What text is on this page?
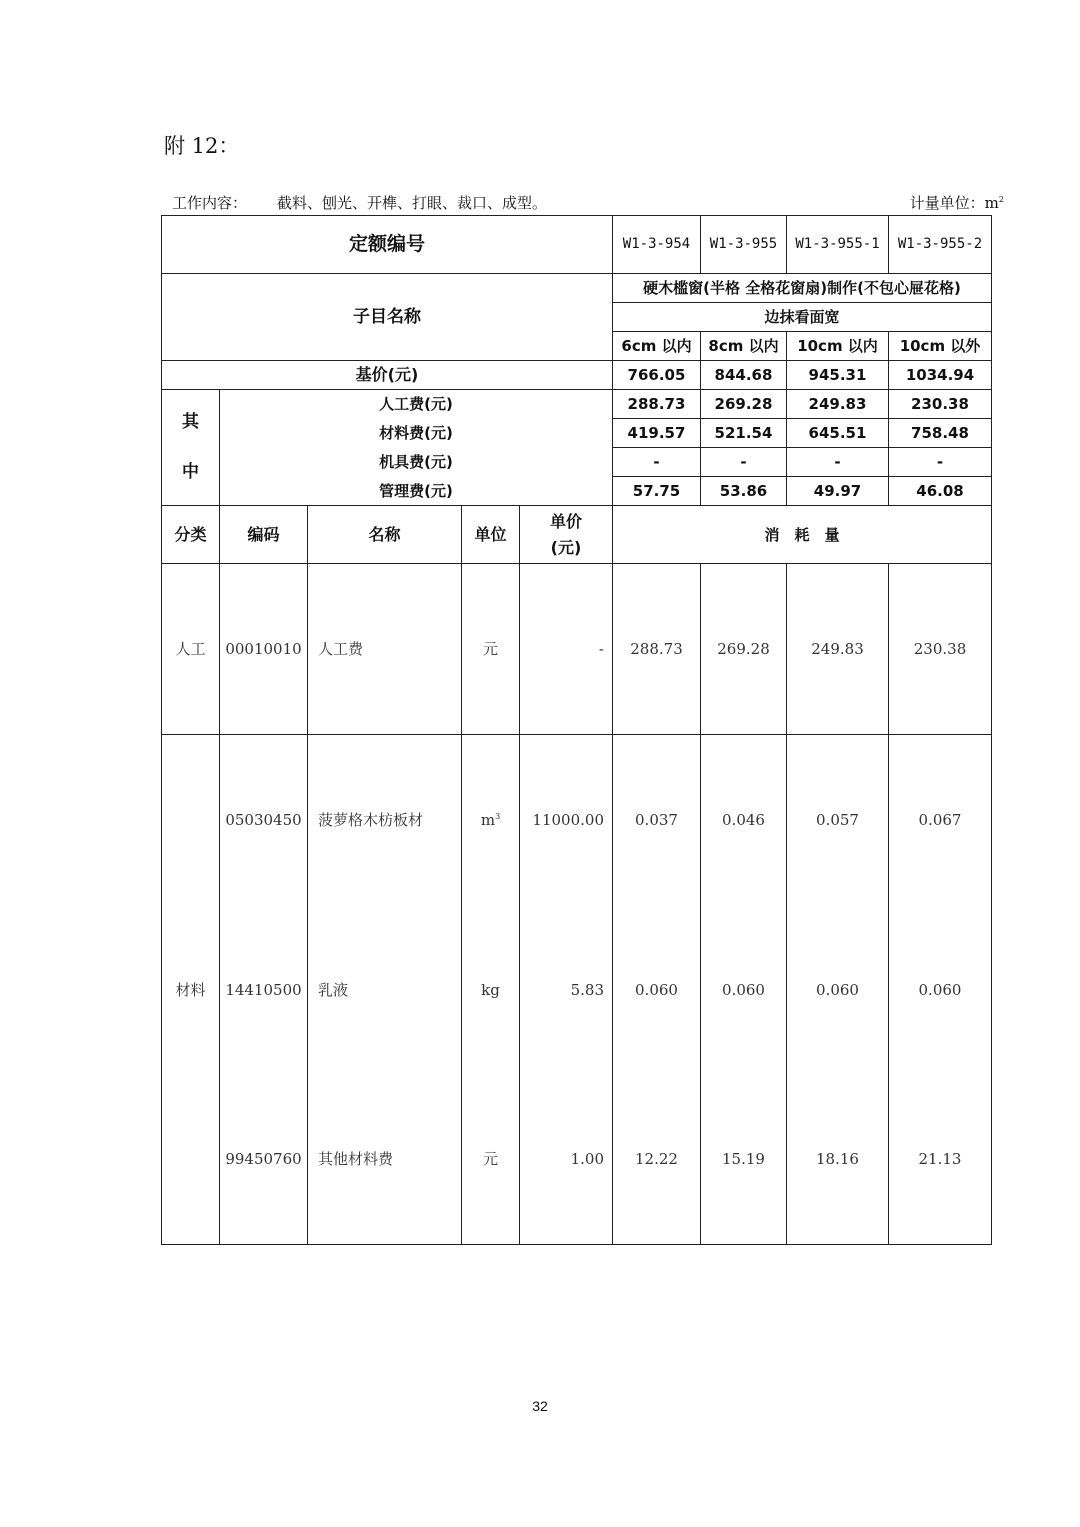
附 12：
工作内容： 截料、刨光、开榫、打眼、裁口、成型。	计量单位：$m^2$
定额编号					W1-3-954	W1-3-955	W1-3-955-1	W1-3-955-2
子目名称					硬木槛窗(半格 全格花窗扇)制作(不包心屉花格)			
					边抹看面宽			
					6cm 以内	8cm 以内	10cm 以内	10cm 以外
基价(元)					766.05	844.68	945.31	1034.94
其
中	人工费(元)				288.73	269.28	249.83	230.38
	材料费(元)				419.57	521.54	645.51	758.48
	机具费(元)				-	-	-	-
	管理费(元)				57.75	53.86	49.97	46.08
分类	编码	名称	单位	单价(元)	消　耗　量			
人工	00010010	人工费	元	-	288.73	269.28	249.83	230.38
材料	05030450	菠萝格木枋板材	$m^3$	11000.00	0.037	0.046	0.057	0.067
	14410500	乳液	kg	5.83	0.060	0.060	0.060	0.060
	99450760	其他材料费	元	1.00	12.22	15.19	18.16	21.13
32
